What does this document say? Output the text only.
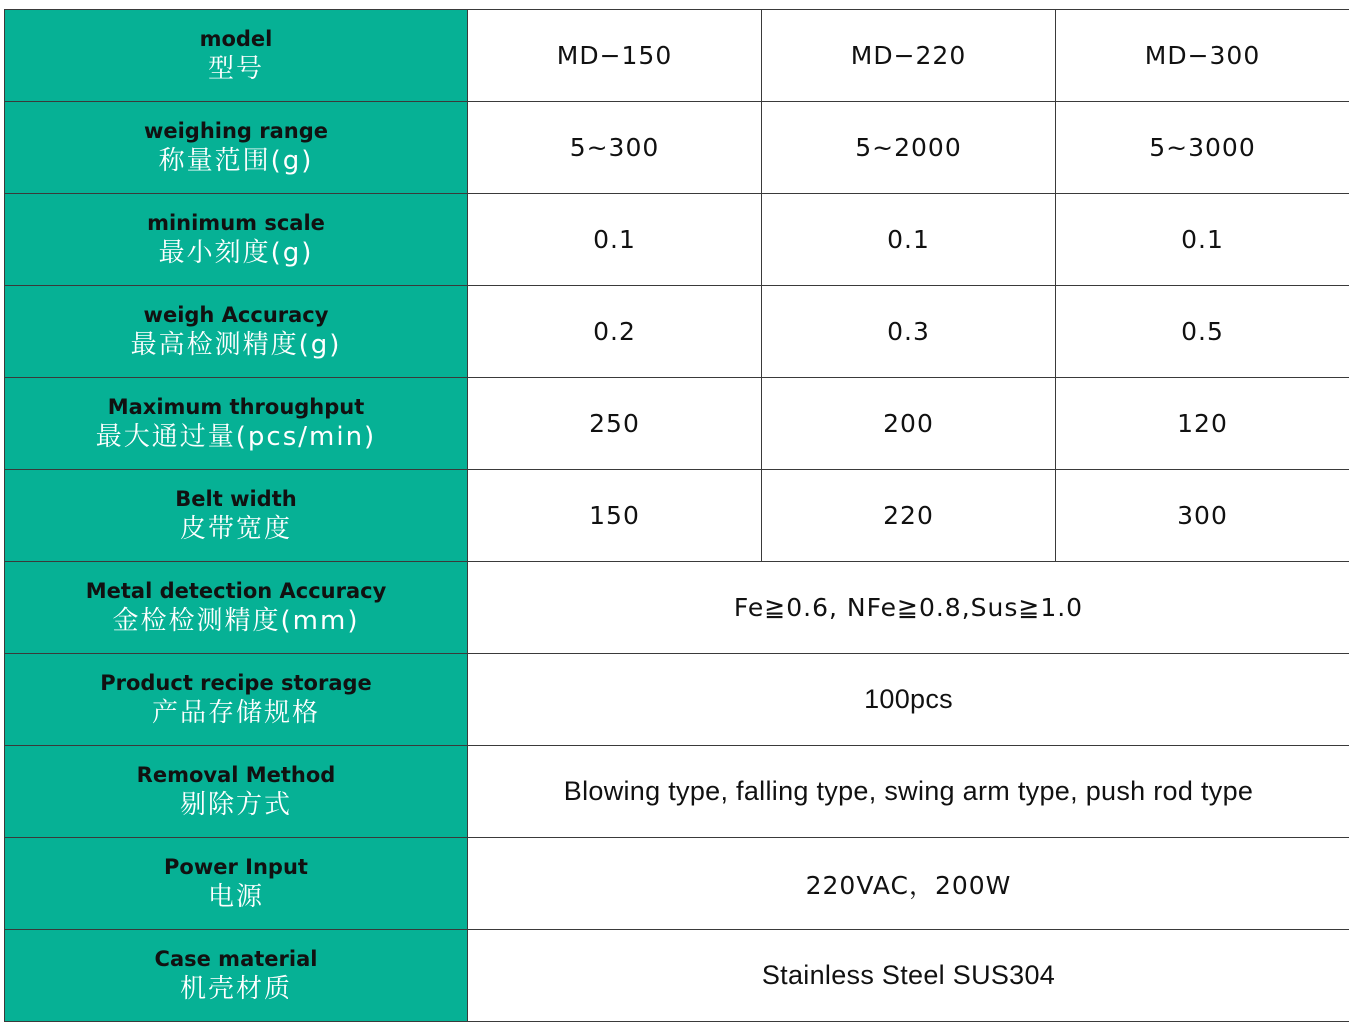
model
型号	MD−150	MD−220	MD−300

weighing range
称量范围(g)	5~300	5~2000	5~3000

minimum scale
最小刻度(g)	0.1	0.1	0.1

weigh Accuracy
最高检测精度(g)	0.2	0.3	0.5

Maximum throughput
最大通过量(pcs/min)	250	200	120

Belt width
皮带宽度	150	220	300

Metal detection Accuracy
金检检测精度(mm)	Fe≧0.6, NFe≧0.8,Sus≧1.0		

Product recipe storage
产品存储规格	100pcs		

Removal Method
剔除方式	Blowing type, falling type, swing arm type, push rod type		

Power Input
电源	220VAC，200W		

Case material
机壳材质	Stainless Steel SUS304		
